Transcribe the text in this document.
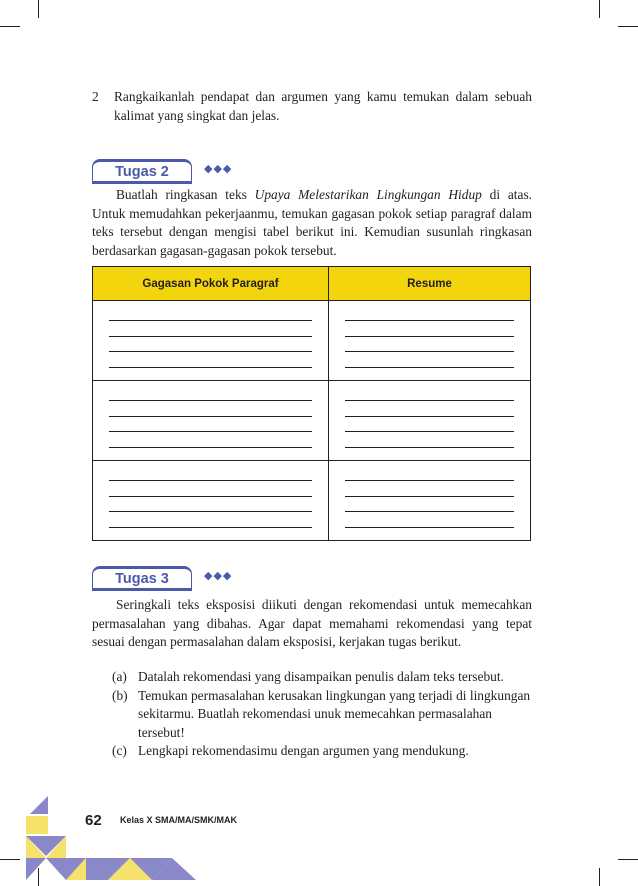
2 Rangkaikanlah pendapat dan argumen yang kamu temukan dalam sebuah kalimat yang singkat dan jelas.
Tugas 2	◆◆◆
Buatlah ringkasan teks Upaya Melestarikan Lingkungan Hidup di atas. Untuk memudahkan pekerjaanmu, temukan gagasan pokok setiap paragraf dalam teks tersebut dengan mengisi tabel berikut ini. Kemudian susunlah ringkasan berdasarkan gagasan-gagasan pokok tersebut.
Gagasan Pokok Paragraf	Resume

Tugas 3	◆◆◆
Seringkali teks eksposisi diikuti dengan rekomendasi untuk memecahkan permasalahan yang dibahas. Agar dapat memahami rekomendasi yang tepat sesuai dengan permasalahan dalam eksposisi, kerjakan tugas berikut.
(a) Datalah rekomendasi yang disampaikan penulis dalam teks tersebut.
(b) Temukan permasalahan kerusakan lingkungan yang terjadi di lingkungan sekitarmu. Buatlah rekomendasi unuk memecahkan permasalahan tersebut!
(c) Lengkapi rekomendasimu dengan argumen yang mendukung.
62 Kelas X SMA/MA/SMK/MAK
